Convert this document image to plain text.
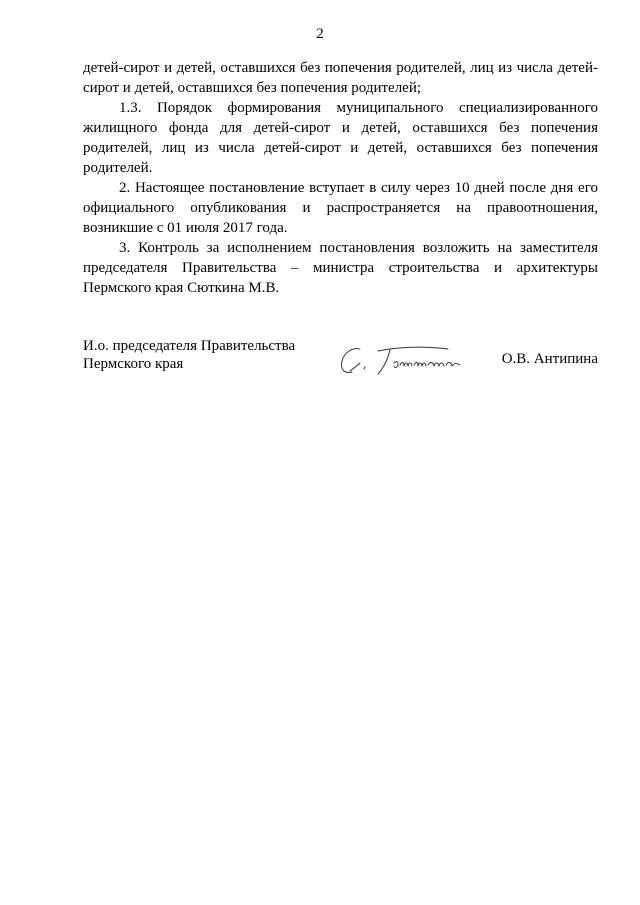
2

детей-сирот и детей, оставшихся без попечения родителей, лиц из числа детей-сирот и детей, оставшихся без попечения родителей;

1.3. Порядок формирования муниципального специализированного жилищного фонда для детей-сирот и детей, оставшихся без попечения родителей, лиц из числа детей-сирот и детей, оставшихся без попечения родителей.

2. Настоящее постановление вступает в силу через 10 дней после дня его официального опубликования и распространяется на правоотношения, возникшие с 01 июля 2017 года.

3. Контроль за исполнением постановления возложить на заместителя председателя Правительства – министра строительства и архитектуры Пермского края Сюткина М.В.

И.о. председателя Правительства
Пермского края	О.В. Антипина
